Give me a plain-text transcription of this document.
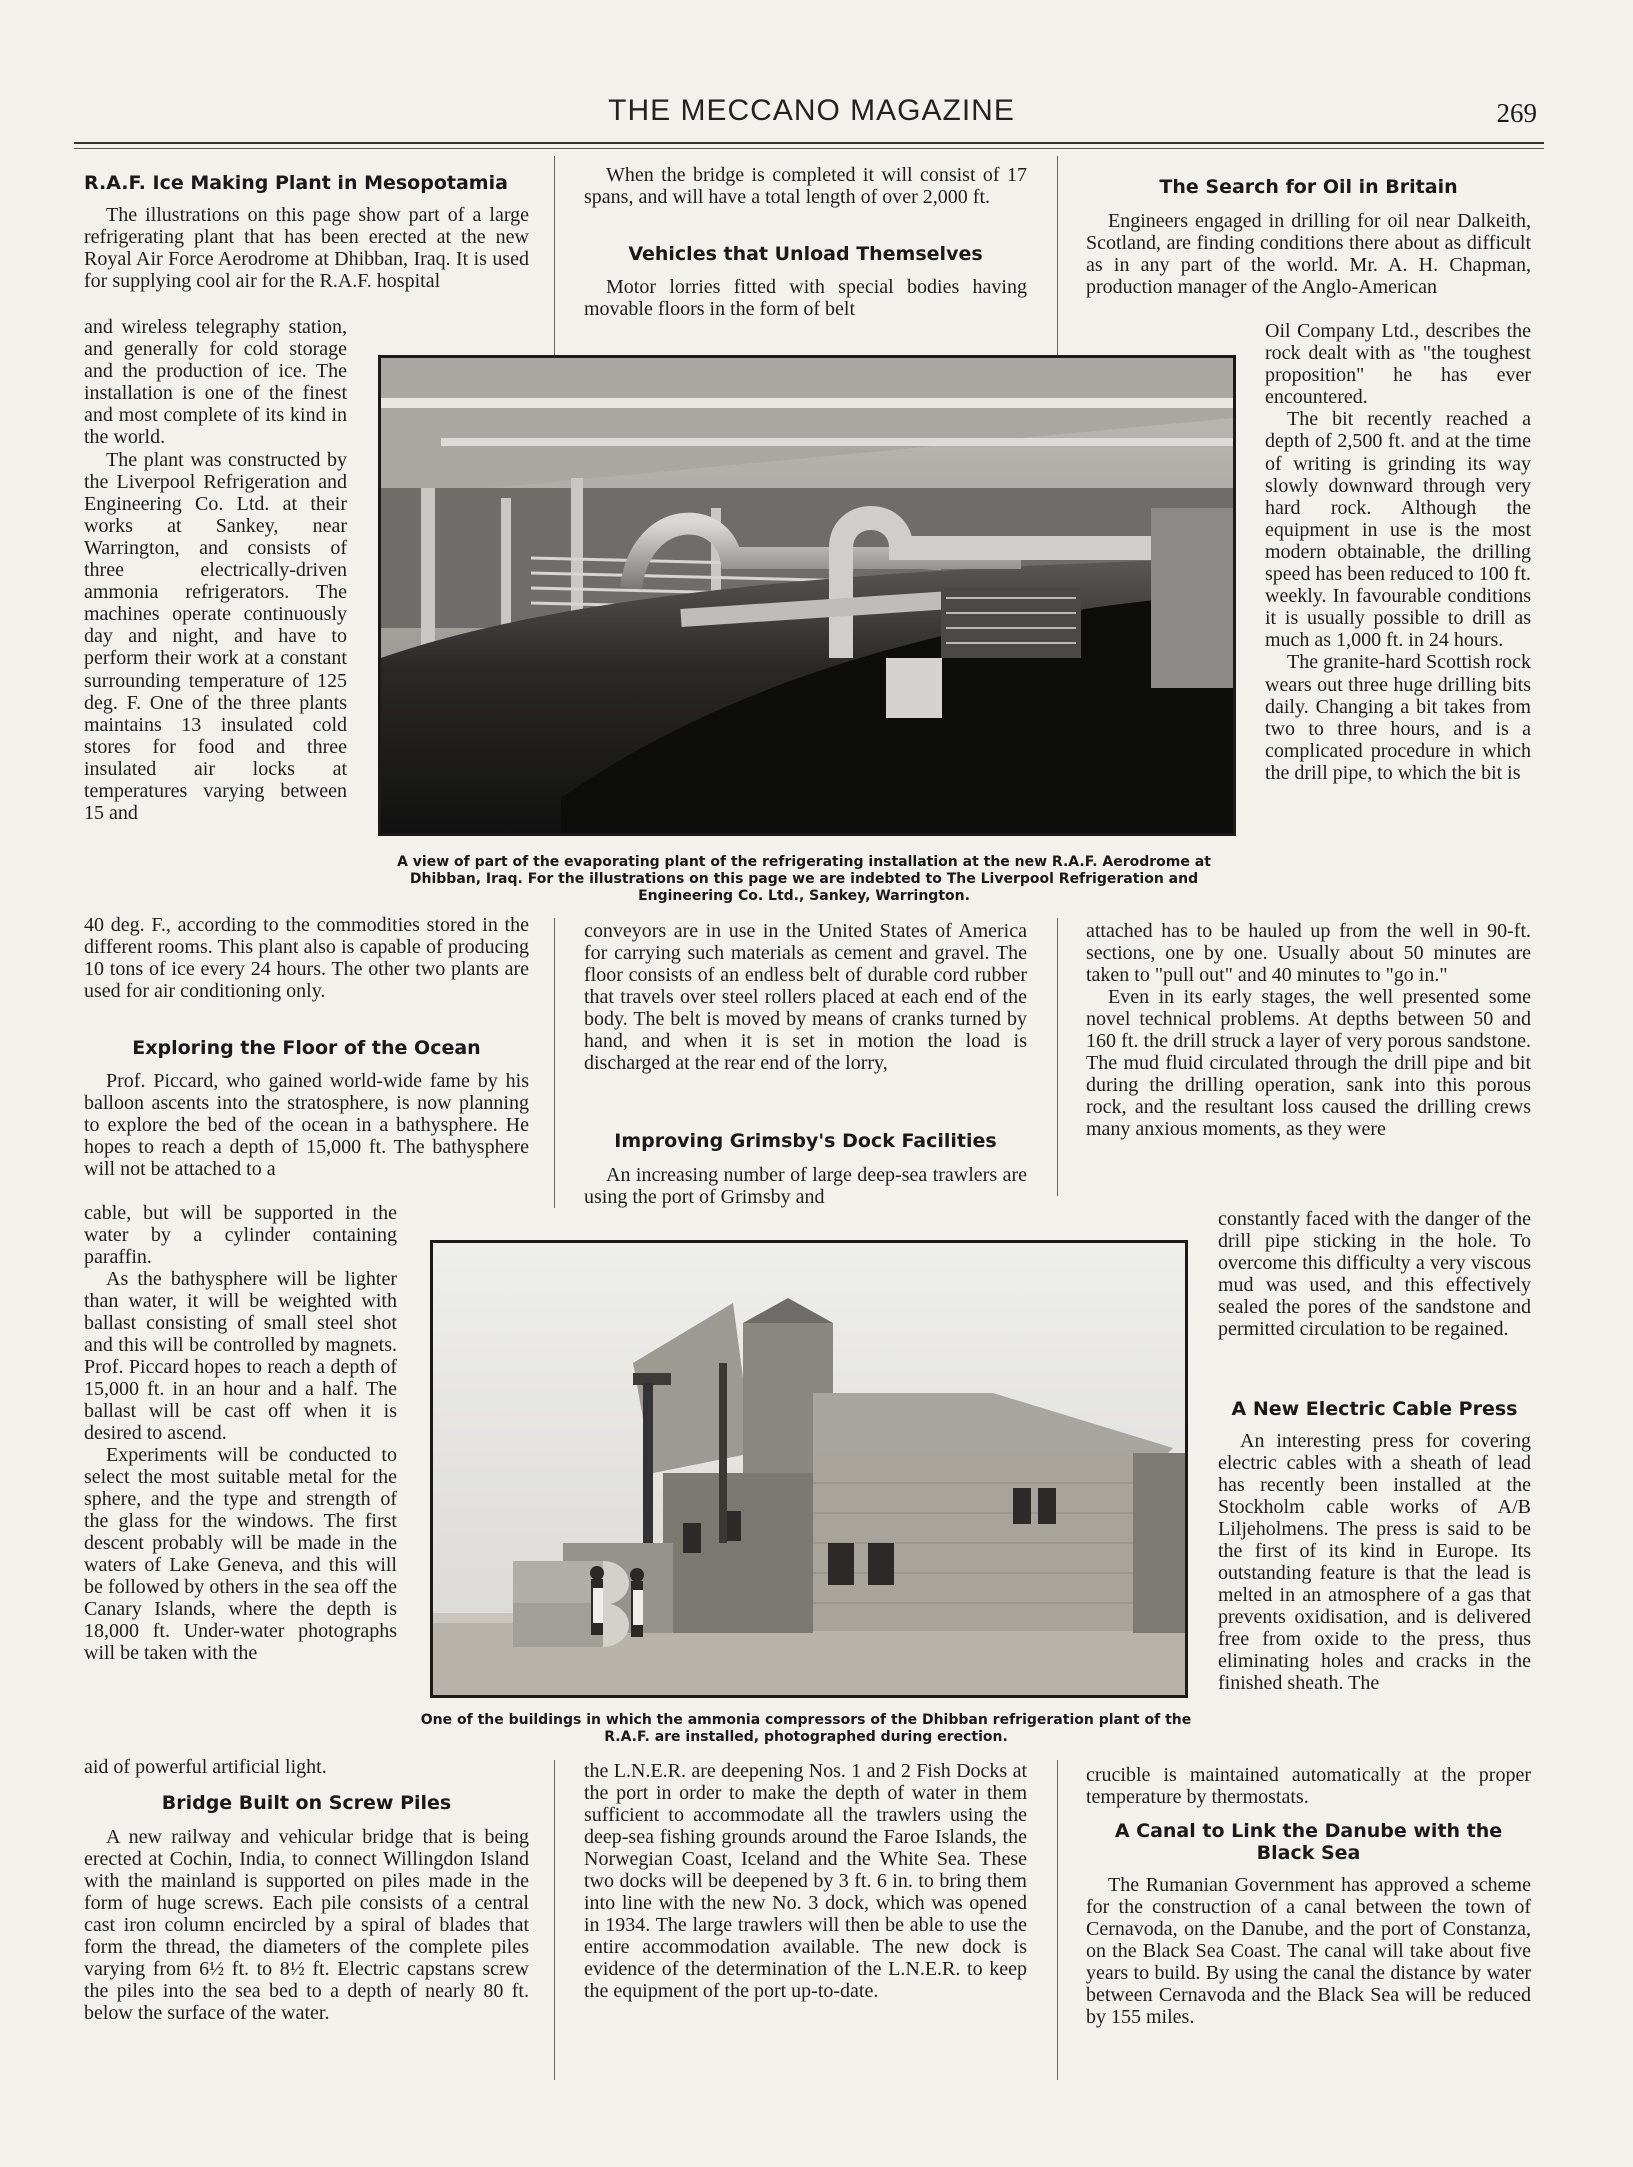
THE MECCANO MAGAZINE	269
R.A.F. Ice Making Plant in Mesopotamia

The illustrations on this page show part of a large refrigerating plant that has been erected at the new Royal Air Force Aerodrome at Dhibban, Iraq. It is used for supplying cool air for the R.A.F. hospital

and wireless telegraphy station, and generally for cold storage and the production of ice. The installation is one of the finest and most complete of its kind in the world.

The plant was constructed by the Liverpool Refrigeration and Engineering Co. Ltd. at their works at Sankey, near Warrington, and consists of three electrically-driven ammonia refrigerators. The machines operate continuously day and night, and have to perform their work at a constant surrounding temperature of 125 deg. F. One of the three plants maintains 13 insulated cold stores for food and three insulated air locks at temperatures varying between 15 and

40 deg. F., according to the commodities stored in the different rooms. This plant also is capable of producing 10 tons of ice every 24 hours. The other two plants are used for air conditioning only.

Exploring the Floor of the Ocean

Prof. Piccard, who gained world-wide fame by his balloon ascents into the stratosphere, is now planning to explore the bed of the ocean in a bathysphere. He hopes to reach a depth of 15,000 ft. The bathysphere will not be attached to a

cable, but will be supported in the water by a cylinder containing paraffin.

As the bathysphere will be lighter than water, it will be weighted with ballast consisting of small steel shot and this will be controlled by magnets. Prof. Piccard hopes to reach a depth of 15,000 ft. in an hour and a half. The ballast will be cast off when it is desired to ascend.

Experiments will be conducted to select the most suitable metal for the sphere, and the type and strength of the glass for the windows. The first descent probably will be made in the waters of Lake Geneva, and this will be followed by others in the sea off the Canary Islands, where the depth is 18,000 ft. Under-water photographs will be taken with the

aid of powerful artificial light.

Bridge Built on Screw Piles

A new railway and vehicular bridge that is being erected at Cochin, India, to connect Willingdon Island with the mainland is supported on piles made in the form of huge screws. Each pile consists of a central cast iron column encircled by a spiral of blades that form the thread, the diameters of the complete piles varying from 6½ ft. to 8½ ft. Electric capstans screw the piles into the sea bed to a depth of nearly 80 ft. below the surface of the water.

When the bridge is completed it will consist of 17 spans, and will have a total length of over 2,000 ft.

Vehicles that Unload Themselves

Motor lorries fitted with special bodies having movable floors in the form of belt

conveyors are in use in the United States of America for carrying such materials as cement and gravel. The floor consists of an endless belt of durable cord rubber that travels over steel rollers placed at each end of the body. The belt is moved by means of cranks turned by hand, and when it is set in motion the load is discharged at the rear end of the lorry,

Improving Grimsby's Dock Facilities

An increasing number of large deep-sea trawlers are using the port of Grimsby and

the L.N.E.R. are deepening Nos. 1 and 2 Fish Docks at the port in order to make the depth of water in them sufficient to accommodate all the trawlers using the deep-sea fishing grounds around the Faroe Islands, the Norwegian Coast, Iceland and the White Sea. These two docks will be deepened by 3 ft. 6 in. to bring them into line with the new No. 3 dock, which was opened in 1934. The large trawlers will then be able to use the entire accommodation available. The new dock is evidence of the determination of the L.N.E.R. to keep the equipment of the port up-to-date.

The Search for Oil in Britain

Engineers engaged in drilling for oil near Dalkeith, Scotland, are finding conditions there about as difficult as in any part of the world. Mr. A. H. Chapman, production manager of the Anglo-American

Oil Company Ltd., describes the rock dealt with as "the toughest proposition" he has ever encountered.

The bit recently reached a depth of 2,500 ft. and at the time of writing is grinding its way slowly downward through very hard rock. Although the equipment in use is the most modern obtainable, the drilling speed has been reduced to 100 ft. weekly. In favourable conditions it is usually possible to drill as much as 1,000 ft. in 24 hours.

The granite-hard Scottish rock wears out three huge drilling bits daily. Changing a bit takes from two to three hours, and is a complicated procedure in which the drill pipe, to which the bit is

attached has to be hauled up from the well in 90-ft. sections, one by one. Usually about 50 minutes are taken to "pull out" and 40 minutes to "go in."

Even in its early stages, the well presented some novel technical problems. At depths between 50 and 160 ft. the drill struck a layer of very porous sandstone. The mud fluid circulated through the drill pipe and bit during the drilling operation, sank into this porous rock, and the resultant loss caused the drilling crews many anxious moments, as they were

constantly faced with the danger of the drill pipe sticking in the hole. To overcome this difficulty a very viscous mud was used, and this effectively sealed the pores of the sandstone and permitted circulation to be regained.

A New Electric Cable Press

An interesting press for covering electric cables with a sheath of lead has recently been installed at the Stockholm cable works of A/B Liljeholmens. The press is said to be the first of its kind in Europe. Its outstanding feature is that the lead is melted in an atmosphere of a gas that prevents oxidisation, and is delivered free from oxide to the press, thus eliminating holes and cracks in the finished sheath. The

crucible is maintained automatically at the proper temperature by thermostats.

A Canal to Link the Danube with the Black Sea

The Rumanian Government has approved a scheme for the construction of a canal between the town of Cernavoda, on the Danube, and the port of Constanza, on the Black Sea Coast. The canal will take about five years to build. By using the canal the distance by water between Cernavoda and the Black Sea will be reduced by 155 miles.

A view of part of the evaporating plant of the refrigerating installation at the new R.A.F. Aerodrome at Dhibban, Iraq. For the illustrations on this page we are indebted to The Liverpool Refrigeration and Engineering Co. Ltd., Sankey, Warrington.
One of the buildings in which the ammonia compressors of the Dhibban refrigeration plant of the R.A.F. are installed, photographed during erection.
